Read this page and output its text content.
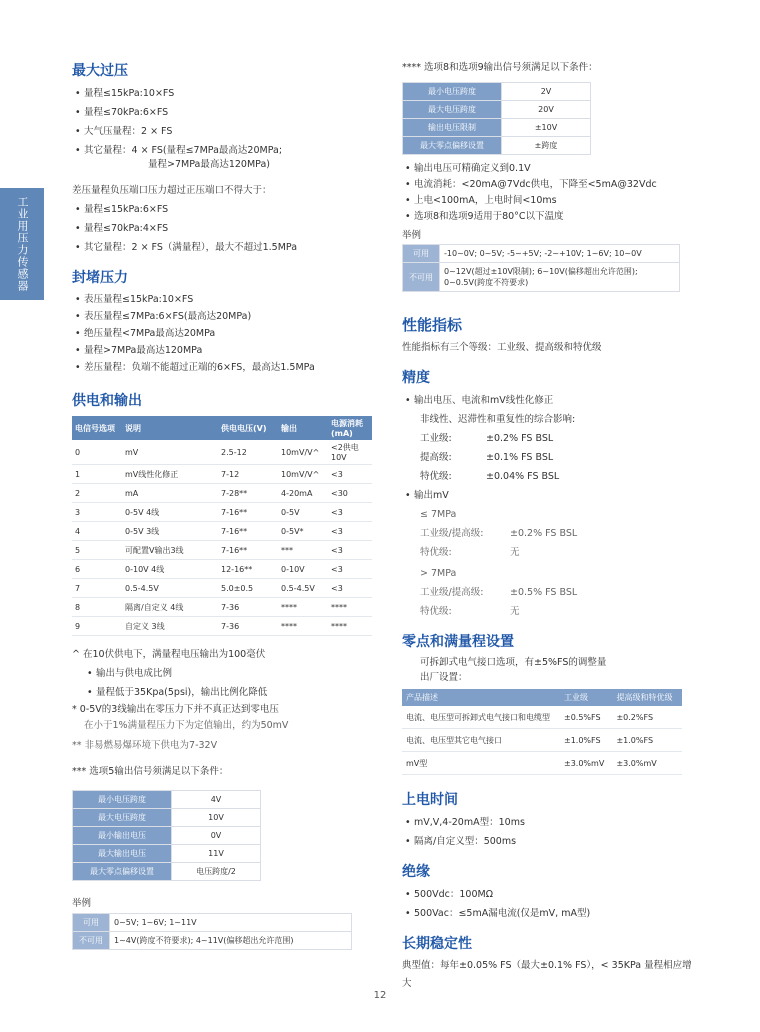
工业用压力传感器
最大过压
• 量程≤15kPa:10×FS
• 量程≤70kPa:6×FS
• 大气压量程：2 × FS
• 其它量程：4 × FS(量程≤7MPa最高达20MPa;
量程>7MPa最高达120MPa)
差压量程负压端口压力超过正压端口不得大于：
• 量程≤15kPa:6×FS
• 量程≤70kPa:4×FS
• 其它量程：2 × FS（满量程），最大不超过1.5MPa
封堵压力
• 表压量程≤15kPa:10×FS
• 表压量程≤7MPa:6×FS(最高达20MPa)
• 绝压量程<7MPa最高达20MPa
• 量程>7MPa最高达120MPa
• 差压量程：负端不能超过正端的6×FS，最高达1.5MPa
供电和输出
电信号选项	说明	供电电压(V)	输出	电源消耗(mA)
0	mV	2.5-12	10mV/V^	<2供电10V
1	mV线性化修正	7-12	10mV/V^	<3
2	mA	7-28**	4-20mA	<30
3	0-5V 4线	7-16**	0-5V	<3
4	0-5V 3线	7-16**	0-5V*	<3
5	可配置V输出3线	7-16**	***	<3
6	0-10V 4线	12-16**	0-10V	<3
7	0.5-4.5V	5.0±0.5	0.5-4.5V	<3
8	隔离/自定义 4线	7-36	****	****
9	自定义 3线	7-36	****	****
^ 在10伏供电下，满量程电压输出为100毫伏
• 输出与供电成比例
• 量程低于35Kpa(5psi)，输出比例化降低
* 0-5V的3线输出在零压力下并不真正达到零电压
在小于1%满量程压力下为定值输出，约为50mV
** 非易燃易爆环境下供电为7-32V
*** 选项5输出信号须满足以下条件：
最小电压跨度	4V
最大电压跨度	10V
最小输出电压	0V
最大输出电压	11V
最大零点偏移设置	电压跨度/2
举例
可用	0~5V; 1~6V; 1~11V
不可用	1~4V(跨度不符要求); 4~11V(偏移超出允许范围)
**** 选项8和选项9输出信号须满足以下条件：
最小电压跨度	2V
最大电压跨度	20V
输出电压限制	±10V
最大零点偏移设置	±跨度
• 输出电压可精确定义到0.1V
• 电流消耗：<20mA@7Vdc供电，下降至<5mA@32Vdc
• 上电<100mA，上电时间<10ms
• 选项8和选项9适用于80°C以下温度
举例
可用	-10~0V; 0~5V; -5~+5V; -2~+10V; 1~6V; 10~0V
不可用	0~12V(超过±10V限制); 6~10V(偏移超出允许范围); 0~0.5V(跨度不符要求)
性能指标
性能指标有三个等级：工业级、提高级和特优级
精度
• 输出电压、电流和mV线性化修正
非线性、迟滞性和重复性的综合影响:
工业级:	±0.2% FS BSL
提高级:	±0.1% FS BSL
特优级:	±0.04% FS BSL
• 输出mV
≤ 7MPa
工业级/提高级:	±0.2% FS BSL
特优级:	无
> 7MPa
工业级/提高级:	±0.5% FS BSL
特优级:	无
零点和满量程设置
可拆卸式电气接口选项，有±5%FS的调整量
出厂设置：
产品描述	工业级	提高级和特优级
电流、电压型可拆卸式电气接口和电缆型	±0.5%FS	±0.2%FS
电流、电压型其它电气接口	±1.0%FS	±1.0%FS
mV型	±3.0%mV	±3.0%mV
上电时间
• mV,V,4-20mA型：10ms
• 隔离/自定义型：500ms
绝缘
• 500Vdc：100MΩ
• 500Vac：≤5mA漏电流(仅是mV, mA型)
长期稳定性
典型值：每年±0.05% FS（最大±0.1% FS），< 35KPa 量程相应增大
12
